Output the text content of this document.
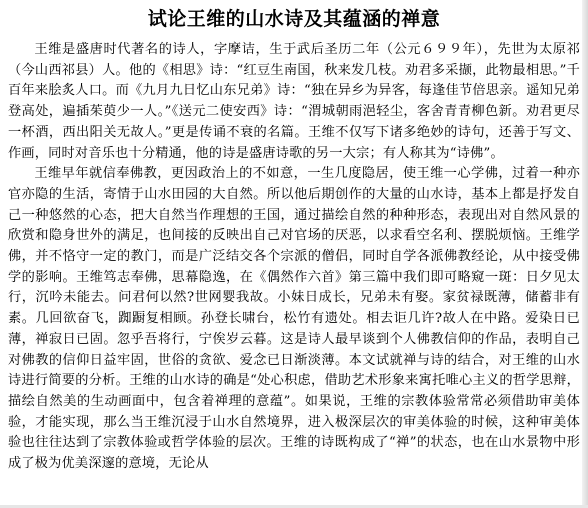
试论王维的山水诗及其蕴涵的禅意

王维是盛唐时代著名的诗人，字摩诘，生于武后圣历二年（公元６９９年），先世为太原祁（今山西祁县）人。他的《相思》诗：“红豆生南国，秋来发几枝。劝君多采撷，此物最相思。”千百年来脍炙人口。而《九月九日忆山东兄弟》诗：“独在异乡为异客，每逢佳节倍思亲。遥知兄弟登高处，遍插茱萸少一人。”《送元二使安西》诗：“渭城朝雨浥轻尘，客舍青青柳色新。劝君更尽一杯酒，西出阳关无故人。”更是传诵不衰的名篇。王维不仅写下诸多绝妙的诗句，还善于写文、作画，同时对音乐也十分精通，他的诗是盛唐诗歌的另一大宗；有人称其为“诗佛”。

王维早年就信奉佛教，更因政治上的不如意，一生几度隐居，使王维一心学佛，过着一种亦官亦隐的生活，寄情于山水田园的大自然。所以他后期创作的大量的山水诗，基本上都是抒发自己一种悠然的心态，把大自然当作理想的王国，通过描绘自然的种种形态，表现出对自然风景的欣赏和隐身世外的满足，也间接的反映出自己对官场的厌恶，以求看空名利、摆脱烦恼。王维学佛，并不恪守一定的教门，而是广泛结交各个宗派的僧侣，同时自学各派佛教经论，从中接受佛学的影响。王维笃志奉佛，思幕隐逸，在《偶然作六首》第三篇中我们即可略窥一斑：日夕见太行，沉吟未能去。问君何以然?世网婴我故。小妹日成长，兄弟未有娶。家贫禄既薄，储蓄非有素。几回欲奋飞，踟蹰复相顾。孙登长啸台，松竹有遗处。相去讵几许?故人在中路。爱染日已薄，禅寂日已固。忽乎吾将行，宁俟岁云暮。这是诗人最早谈到个人佛教信仰的作品，表明自己对佛教的信仰日益牢固，世俗的贪欲、爱念已日渐淡薄。本文试就禅与诗的结合，对王维的山水诗进行简要的分析。王维的山水诗的确是“处心积虑，借助艺术形象来寓托唯心主义的哲学思辩，描绘自然美的生动画面中，包含着禅理的意蕴”。如果说，王维的宗教体验常常必须借助审美体验，才能实现，那么当王维沉浸于山水自然境界，进入极深层次的审美体验的时候，这种审美体验也往往达到了宗教体验或哲学体验的层次。王维的诗既构成了“禅”的状态，也在山水景物中形成了极为优美深邃的意境，无论从
